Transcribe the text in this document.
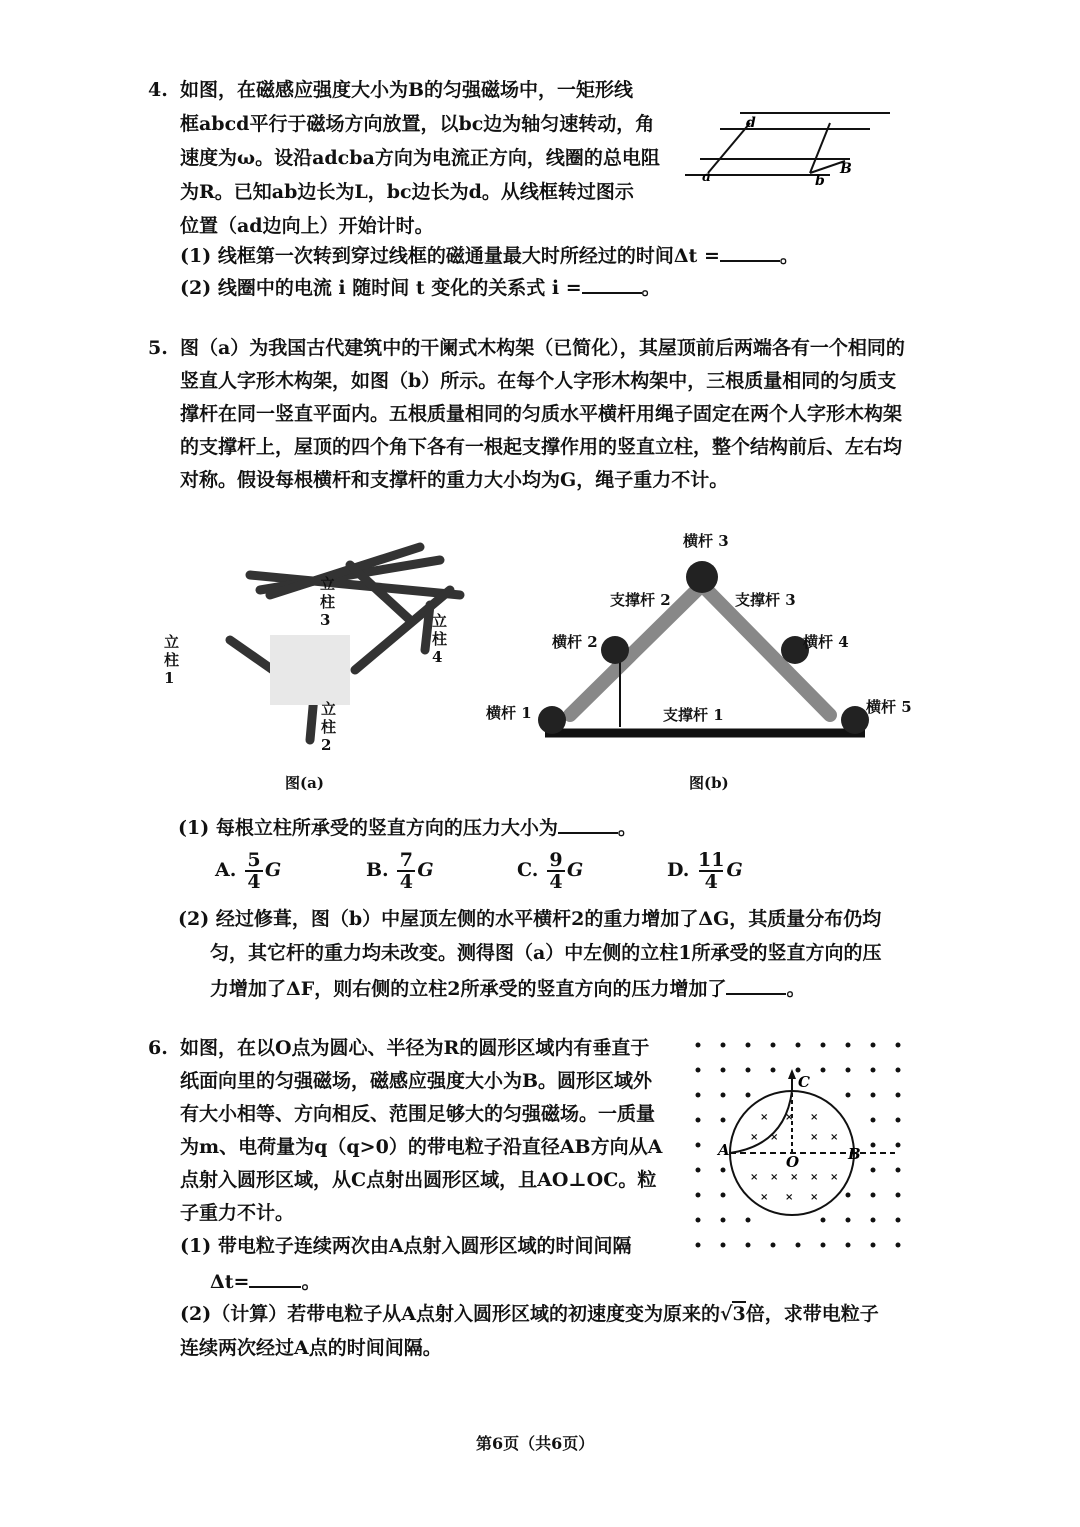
4. 如图，在磁感应强度大小为B的匀强磁场中，一矩形线
框abcd平行于磁场方向放置，以bc边为轴匀速转动，角
速度为ω。设沿adcba方向为电流正方向，线圈的总电阻
为R。已知ab边长为L，bc边长为d。从线框转过图示
位置（ad边向上）开始计时。
(1) 线框第一次转到穿过线框的磁通量最大时所经过的时间Δt =	。
(2) 线圈中的电流 i 随时间 t 变化的关系式 i =	。
d
a	b
B
5. 图（a）为我国古代建筑中的干阑式木构架（已简化），其屋顶前后两端各有一个相同的
竖直人字形木构架，如图（b）所示。在每个人字形木构架中，三根质量相同的匀质支
撑杆在同一竖直平面内。五根质量相同的匀质水平横杆用绳子固定在两个人字形木构架
的支撑杆上，屋顶的四个角下各有一根起支撑作用的竖直立柱，整个结构前后、左右均
对称。假设每根横杆和支撑杆的重力大小均为G，绳子重力不计。
立柱1
立柱2
立柱3	立柱4
图(a)
横杆 3
支撑杆 2	支撑杆 3
横杆 2	横杆 4
横杆 1	支撑杆 1	横杆 5
图(b)
(1) 每根立柱所承受的竖直方向的压力大小为	。
A. $\frac{5}{4}$ G	B. $\frac{7}{4}$ G	C. $\frac{9}{4}$ G	D. $\frac{11}{4}$ G
(2) 经过修葺，图（b）中屋顶左侧的水平横杆2的重力增加了ΔG，其质量分布仍均
匀，其它杆的重力均未改变。测得图（a）中左侧的立柱1所承受的竖直方向的压
力增加了ΔF，则右侧的立柱2所承受的竖直方向的压力增加了	。
6. 如图，在以O点为圆心、半径为R的圆形区域内有垂直于
纸面向里的匀强磁场，磁感应强度大小为B。圆形区域外
有大小相等、方向相反、范围足够大的匀强磁场。一质量
为m、电荷量为q（q>0）的带电粒子沿直径AB方向从A
点射入圆形区域，从C点射出圆形区域，且AO⊥OC。粒
子重力不计。
(1) 带电粒子连续两次由A点射入圆形区域的时间间隔
Δt=	。
(2)（计算）若带电粒子从A点射入圆形区域的初速度变为原来的√3倍，求带电粒子
连续两次经过A点的时间间隔。
× × ×
× ×	× ×
× × × × ×
× × ×
A	B
C
O
第6页（共6页）
